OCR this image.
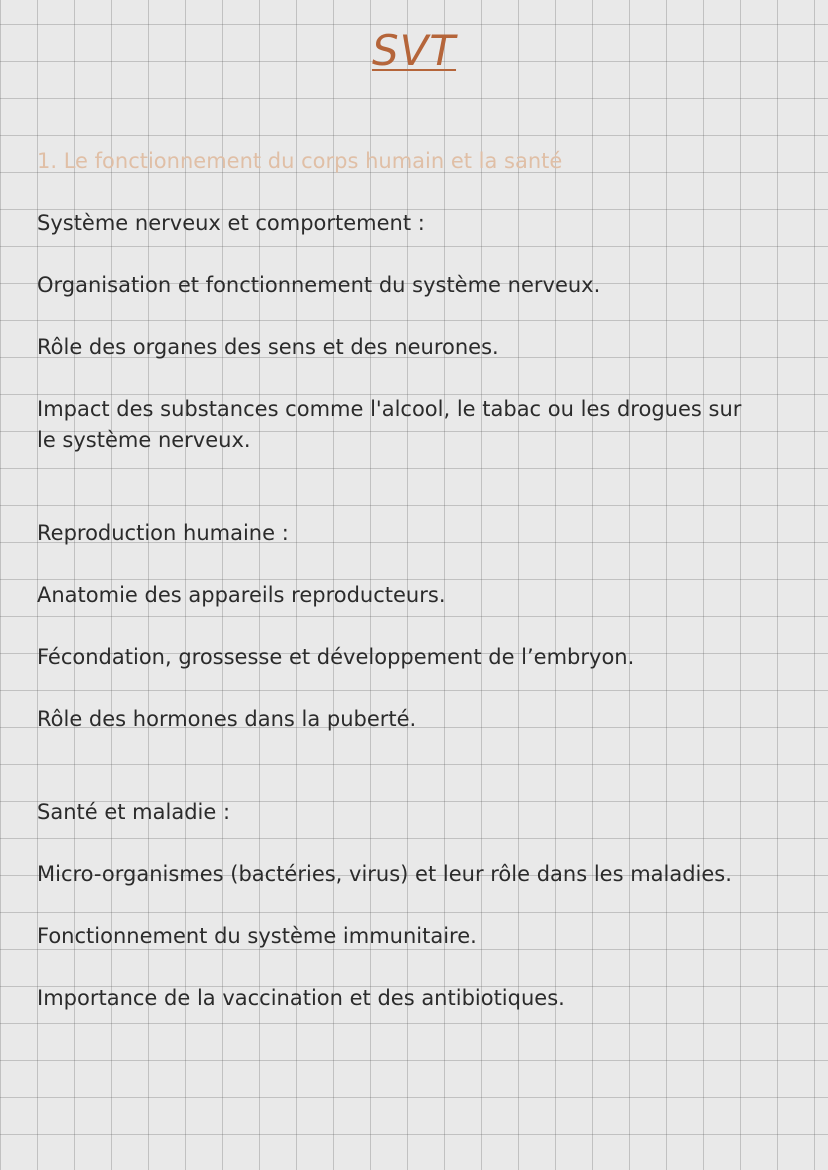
SVT
1. Le fonctionnement du corps humain et la santé
Système nerveux et comportement :
Organisation et fonctionnement du système nerveux.
Rôle des organes des sens et des neurones.
Impact des substances comme l'alcool, le tabac ou les drogues sur le système nerveux.
Reproduction humaine :
Anatomie des appareils reproducteurs.
Fécondation, grossesse et développement de l’embryon.
Rôle des hormones dans la puberté.
Santé et maladie :
Micro-organismes (bactéries, virus) et leur rôle dans les maladies.
Fonctionnement du système immunitaire.
Importance de la vaccination et des antibiotiques.
